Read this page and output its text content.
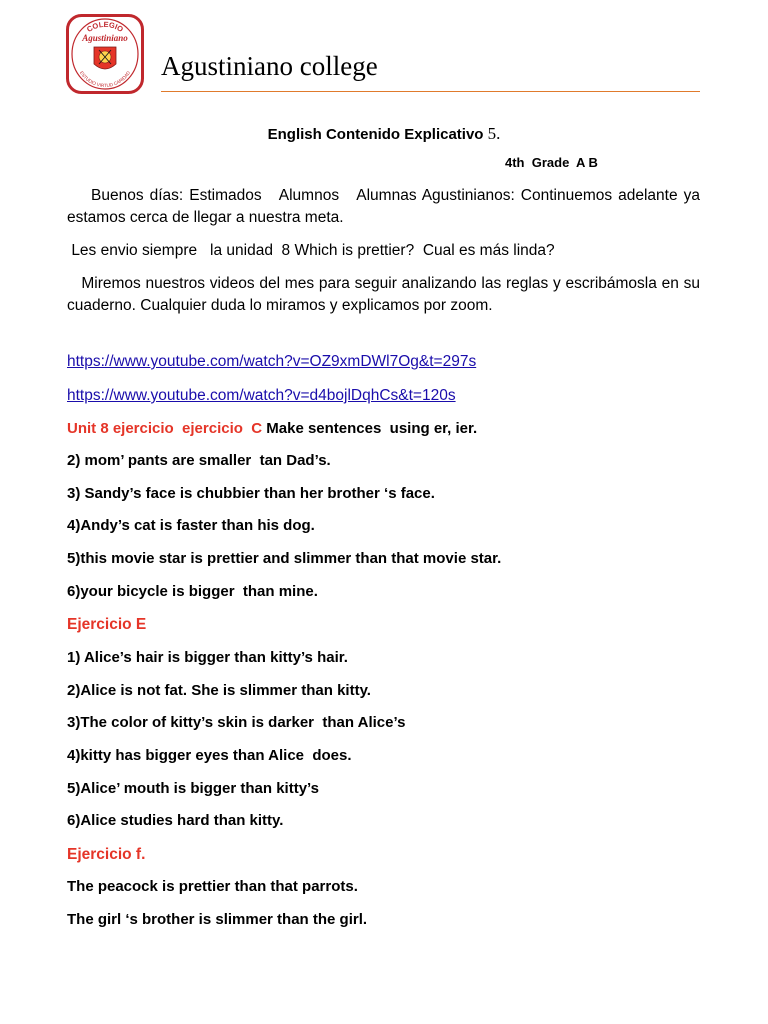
COLEGIO
Agustiniano
ESTUDIO VIRTUD CARIDAD Agustiniano college
English Contenido Explicativo 5.
4th  Grade  A B
Buenos días: Estimados   Alumnos   Alumnas Agustinianos: Continuemos adelante ya estamos cerca de llegar a nuestra meta.
Les envio siempre   la unidad  8 Which is prettier?  Cual es más linda?
Miremos nuestros videos del mes para seguir analizando las reglas y escribámosla en su cuaderno. Cualquier duda lo miramos y explicamos por zoom.
https://www.youtube.com/watch?v=OZ9xmDWl7Og&t=297s
https://www.youtube.com/watch?v=d4bojlDqhCs&t=120s
Unit 8 ejercicio  ejercicio  C Make sentences  using er, ier.
2) mom’ pants are smaller  tan Dad’s.
3) Sandy’s face is chubbier than her brother ‘s face.
4)Andy’s cat is faster than his dog.
5)this movie star is prettier and slimmer than that movie star.
6)your bicycle is bigger  than mine.
Ejercicio E
1) Alice’s hair is bigger than kitty’s hair.
2)Alice is not fat. She is slimmer than kitty.
3)The color of kitty’s skin is darker  than Alice’s
4)kitty has bigger eyes than Alice  does.
5)Alice’ mouth is bigger than kitty’s
6)Alice studies hard than kitty.
Ejercicio f.
The peacock is prettier than that parrots.
The girl ‘s brother is slimmer than the girl.
